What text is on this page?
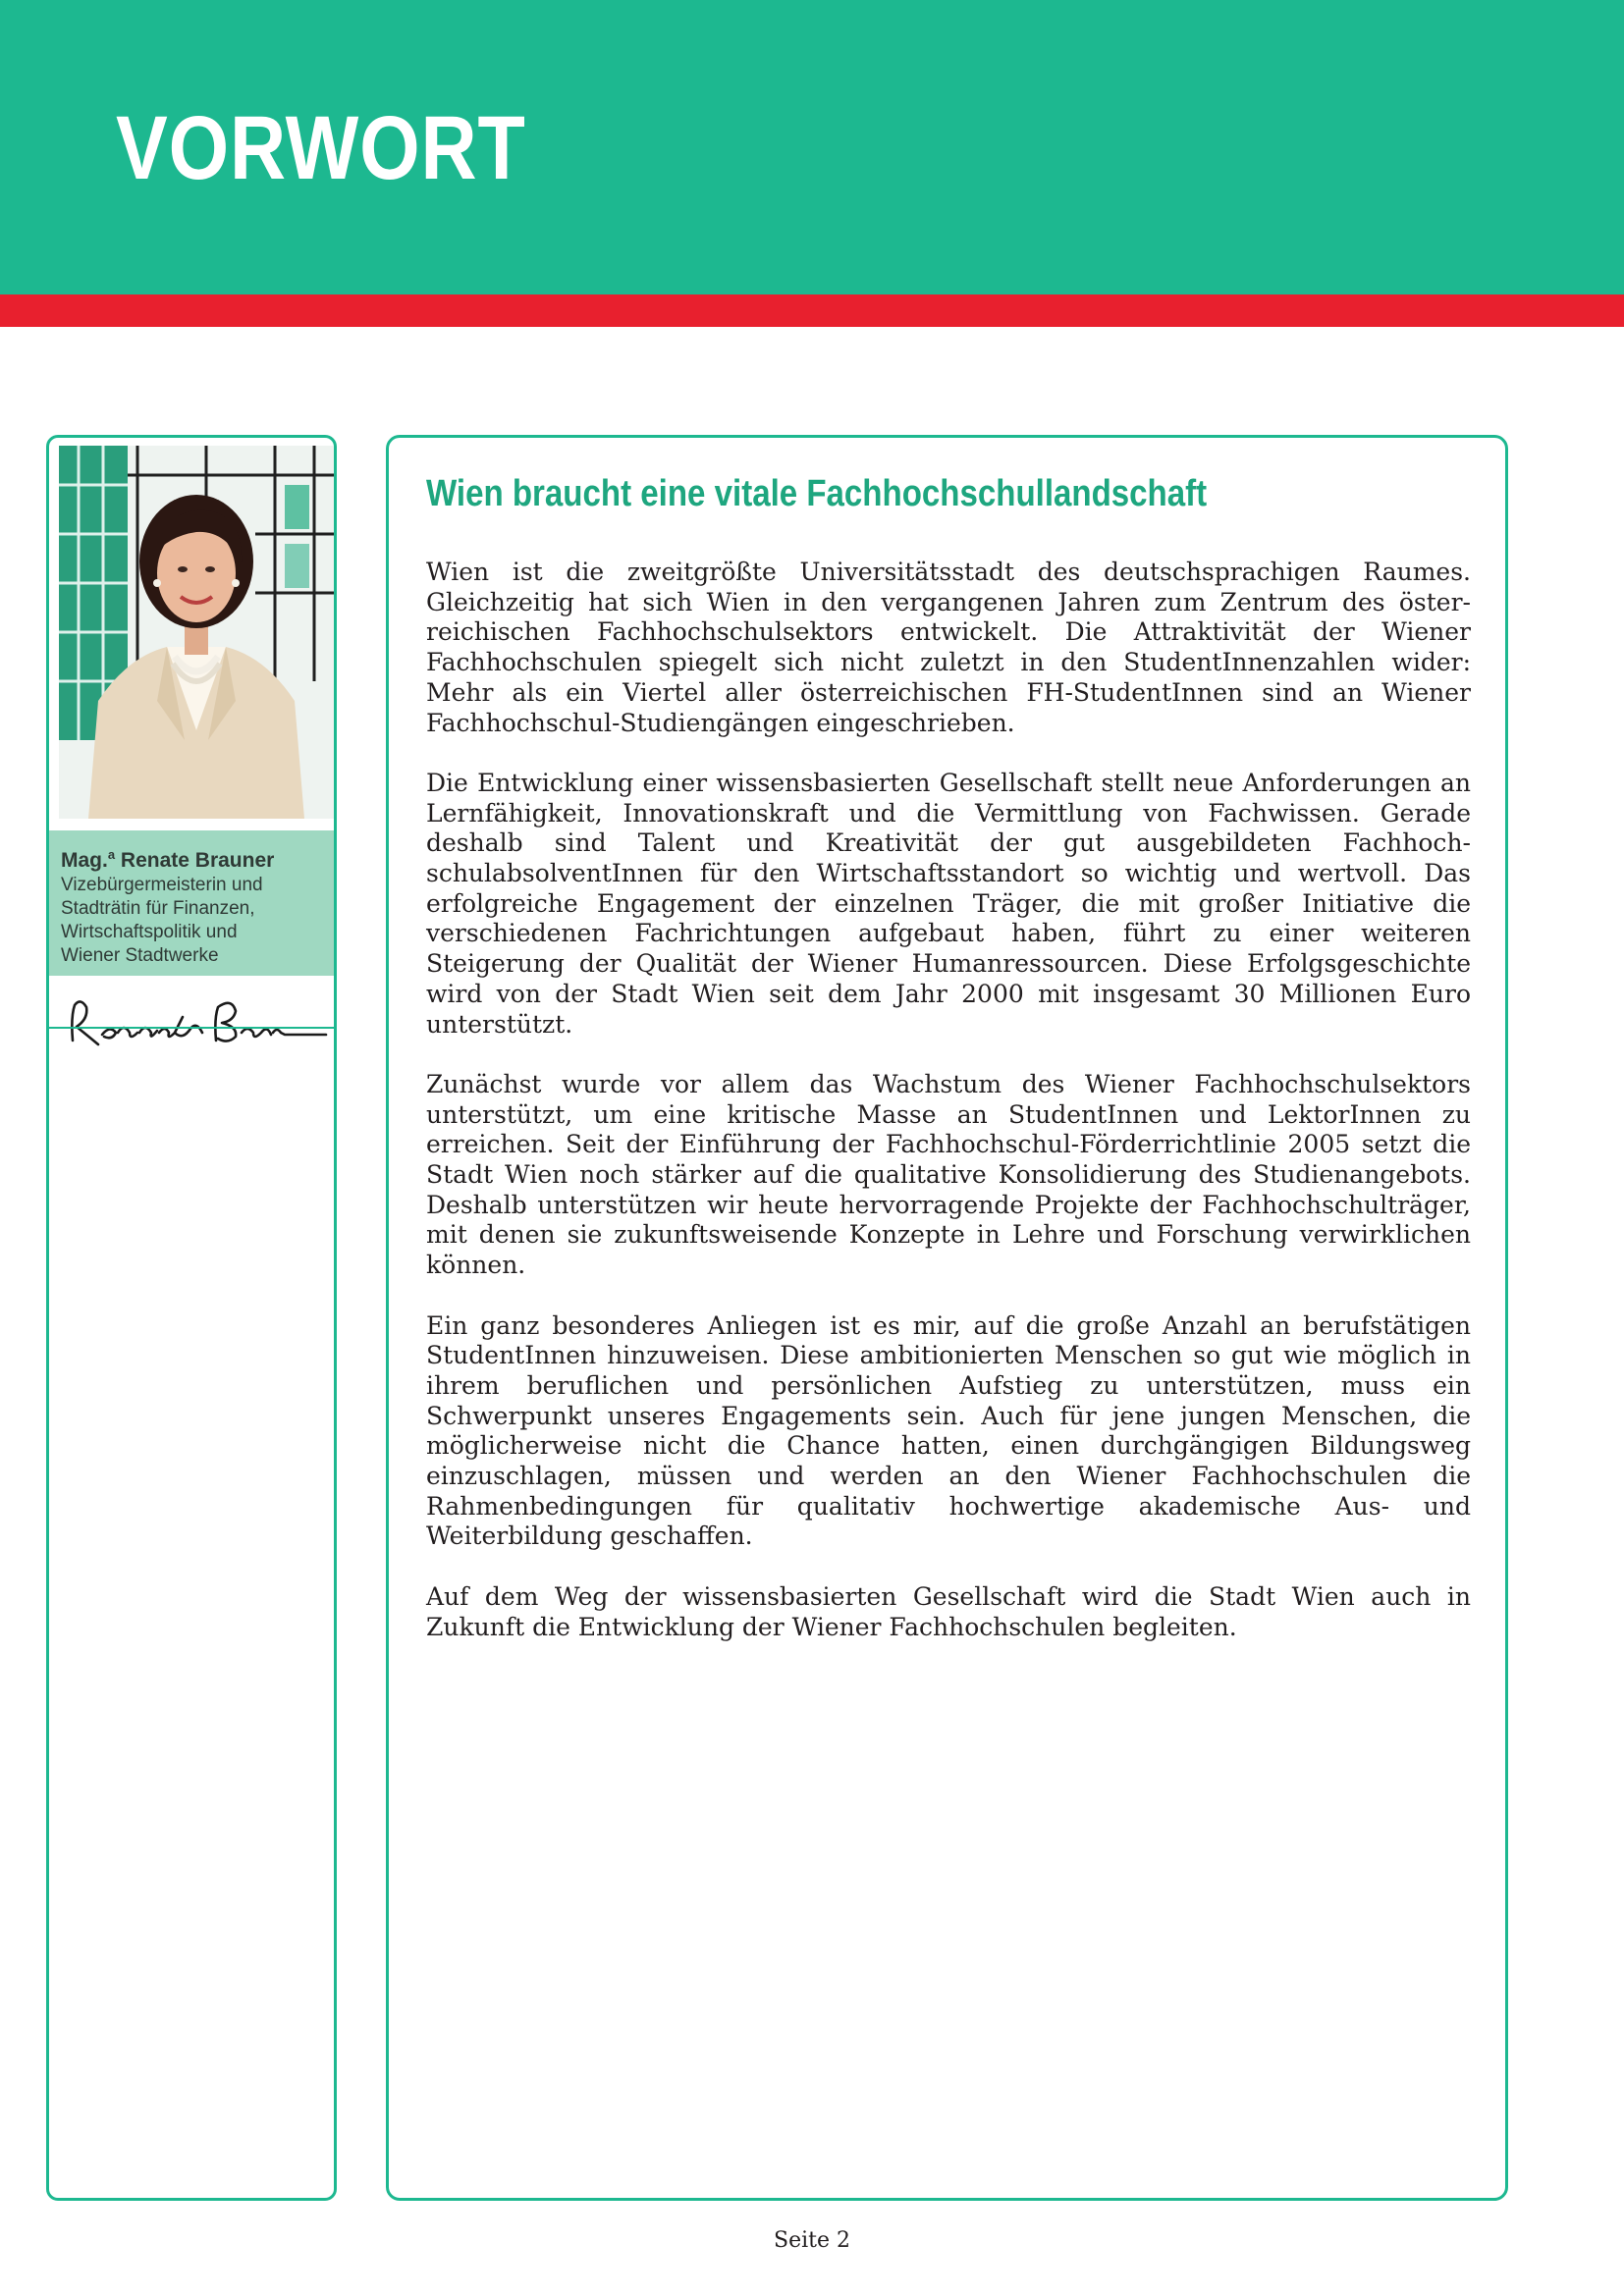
VORWORT
Mag.$^a$ Renate Brauner
Vizebürgermeisterin und
Stadträtin für Finanzen,
Wirtschaftspolitik und
Wiener Stadtwerke
Wien braucht eine vitale Fachhochschullandschaft

Wien ist die zweitgrößte Universitätsstadt des deutschsprachigen Raumes. Gleichzeitig hat sich Wien in den vergangenen Jahren zum Zentrum des österreichischen Fachhochschulsektors entwickelt. Die Attraktivität der Wiener Fachhochschulen spiegelt sich nicht zuletzt in den StudentInnenzahlen wider: Mehr als ein Viertel aller österreichischen FH-StudentInnen sind an Wiener Fachhochschul-Studiengängen eingeschrieben.

Die Entwicklung einer wissensbasierten Gesellschaft stellt neue Anforderungen an Lernfähigkeit, Innovationskraft und die Vermittlung von Fachwissen. Gerade deshalb sind Talent und Kreativität der gut ausgebildeten FachhochschulabsolventInnen für den Wirtschaftsstandort so wichtig und wertvoll. Das erfolgreiche Engagement der einzelnen Träger, die mit großer Initiative die verschiedenen Fachrichtungen aufgebaut haben, führt zu einer weiteren Steigerung der Qualität der Wiener Humanressourcen. Diese Erfolgsgeschichte wird von der Stadt Wien seit dem Jahr 2000 mit insgesamt 30 Millionen Euro unterstützt.

Zunächst wurde vor allem das Wachstum des Wiener Fachhochschulsektors unterstützt, um eine kritische Masse an StudentInnen und LektorInnen zu erreichen. Seit der Einführung der Fachhochschul-Förderrichtlinie 2005 setzt die Stadt Wien noch stärker auf die qualitative Konsolidierung des Studienangebots. Deshalb unterstützen wir heute hervorragende Projekte der Fachhochschulträger, mit denen sie zukunftsweisende Konzepte in Lehre und Forschung verwirklichen können.

Ein ganz besonderes Anliegen ist es mir, auf die große Anzahl an berufstätigen StudentInnen hinzuweisen. Diese ambitionierten Menschen so gut wie möglich in ihrem beruflichen und persönlichen Aufstieg zu unterstützen, muss ein Schwerpunkt unseres Engagements sein. Auch für jene jungen Menschen, die möglicherweise nicht die Chance hatten, einen durchgängigen Bildungsweg einzuschlagen, müssen und werden an den Wiener Fachhochschulen die Rahmenbedingungen für qualitativ hochwertige akademische Aus- und Weiterbildung geschaffen.

Auf dem Weg der wissensbasierten Gesellschaft wird die Stadt Wien auch in Zukunft die Entwicklung der Wiener Fachhochschulen begleiten.

Seite 2
